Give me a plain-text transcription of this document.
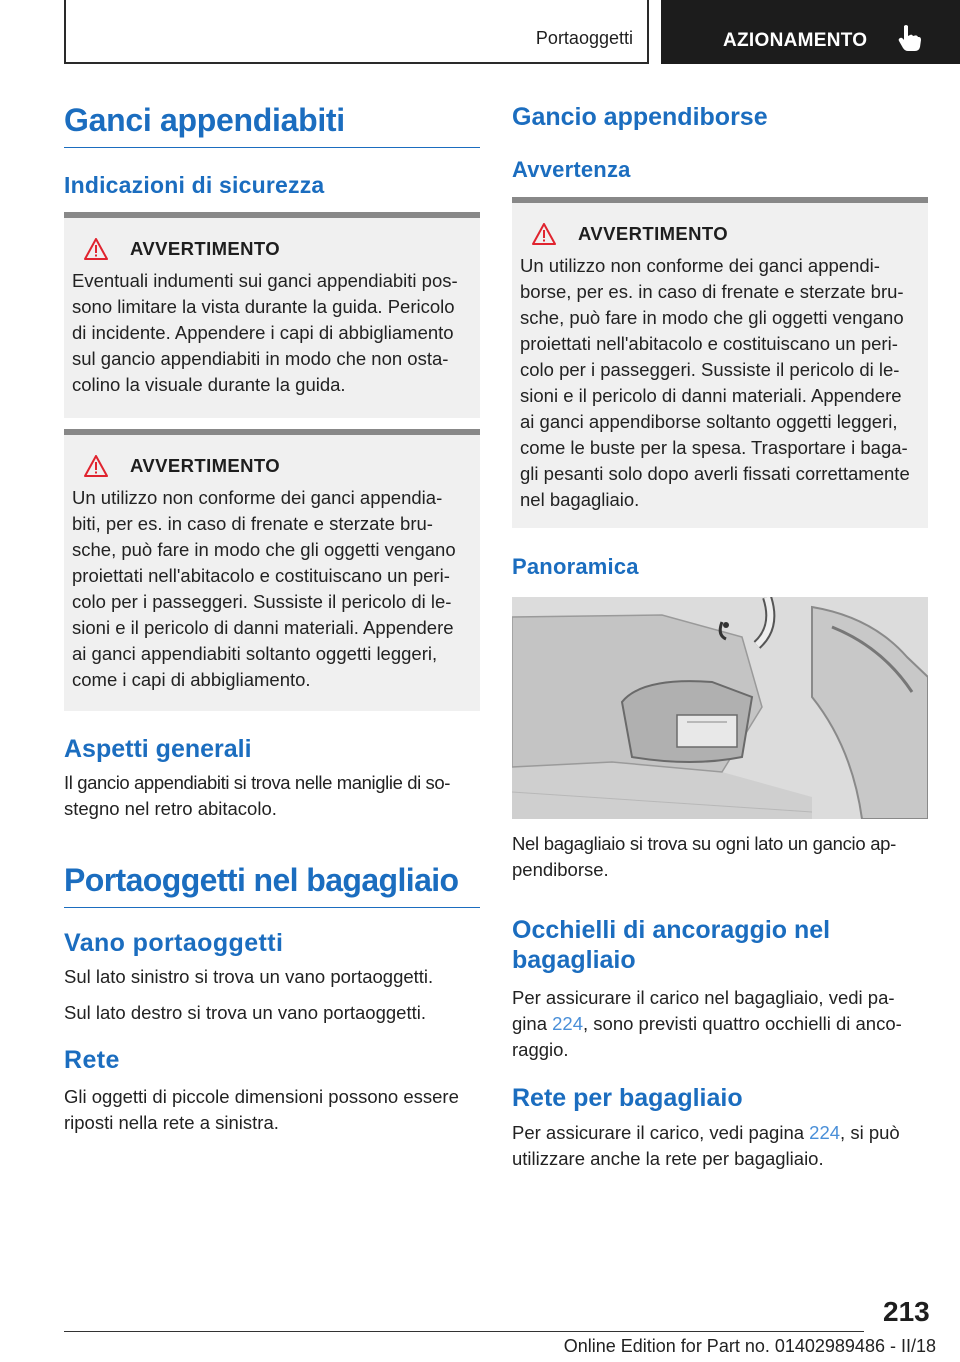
Portaoggetti	AZIONAMENTO
Ganci appendiabiti
Indicazioni di sicurezza
AVVERTIMENTO

Eventuali indumenti sui ganci appendiabiti pos-

sono limitare la vista durante la guida. Pericolo

di incidente. Appendere i capi di abbigliamento

sul gancio appendiabiti in modo che non osta-

colino la visuale durante la guida.

AVVERTIMENTO

Un utilizzo non conforme dei ganci appendia-

biti, per es. in caso di frenate e sterzate bru-

sche, può fare in modo che gli oggetti vengano

proiettati nell'abitacolo e costituiscano un peri-

colo per i passeggeri. Sussiste il pericolo di le-

sioni e il pericolo di danni materiali. Appendere

ai ganci appendiabiti soltanto oggetti leggeri,

come i capi di abbigliamento.

Aspetti generali

Il gancio appendiabiti si trova nelle maniglie di so-

stegno nel retro abitacolo.

Portaoggetti nel bagagliaio
Vano portaoggetti

Sul lato sinistro si trova un vano portaoggetti.

Sul lato destro si trova un vano portaoggetti.

Rete

Gli oggetti di piccole dimensioni possono essere

riposti nella rete a sinistra.

Gancio appendiborse
Avvertenza
AVVERTIMENTO

Un utilizzo non conforme dei ganci appendi-

borse, per es. in caso di frenate e sterzate bru-

sche, può fare in modo che gli oggetti vengano

proiettati nell'abitacolo e costituiscano un peri-

colo per i passeggeri. Sussiste il pericolo di le-

sioni e il pericolo di danni materiali. Appendere

ai ganci appendiborse soltanto oggetti leggeri,

come le buste per la spesa. Trasportare i baga-

gli pesanti solo dopo averli fissati correttamente

nel bagagliaio.

Panoramica

Nel bagagliaio si trova su ogni lato un gancio ap-

pendiborse.

Occhielli di ancoraggio nel
bagagliaio

Per assicurare il carico nel bagagliaio, vedi pa-

gina 224, sono previsti quattro occhielli di anco-

raggio.

Rete per bagagliaio

Per assicurare il carico, vedi pagina 224, si può

utilizzare anche la rete per bagagliaio.

213
Online Edition for Part no. 01402989486 - II/18
